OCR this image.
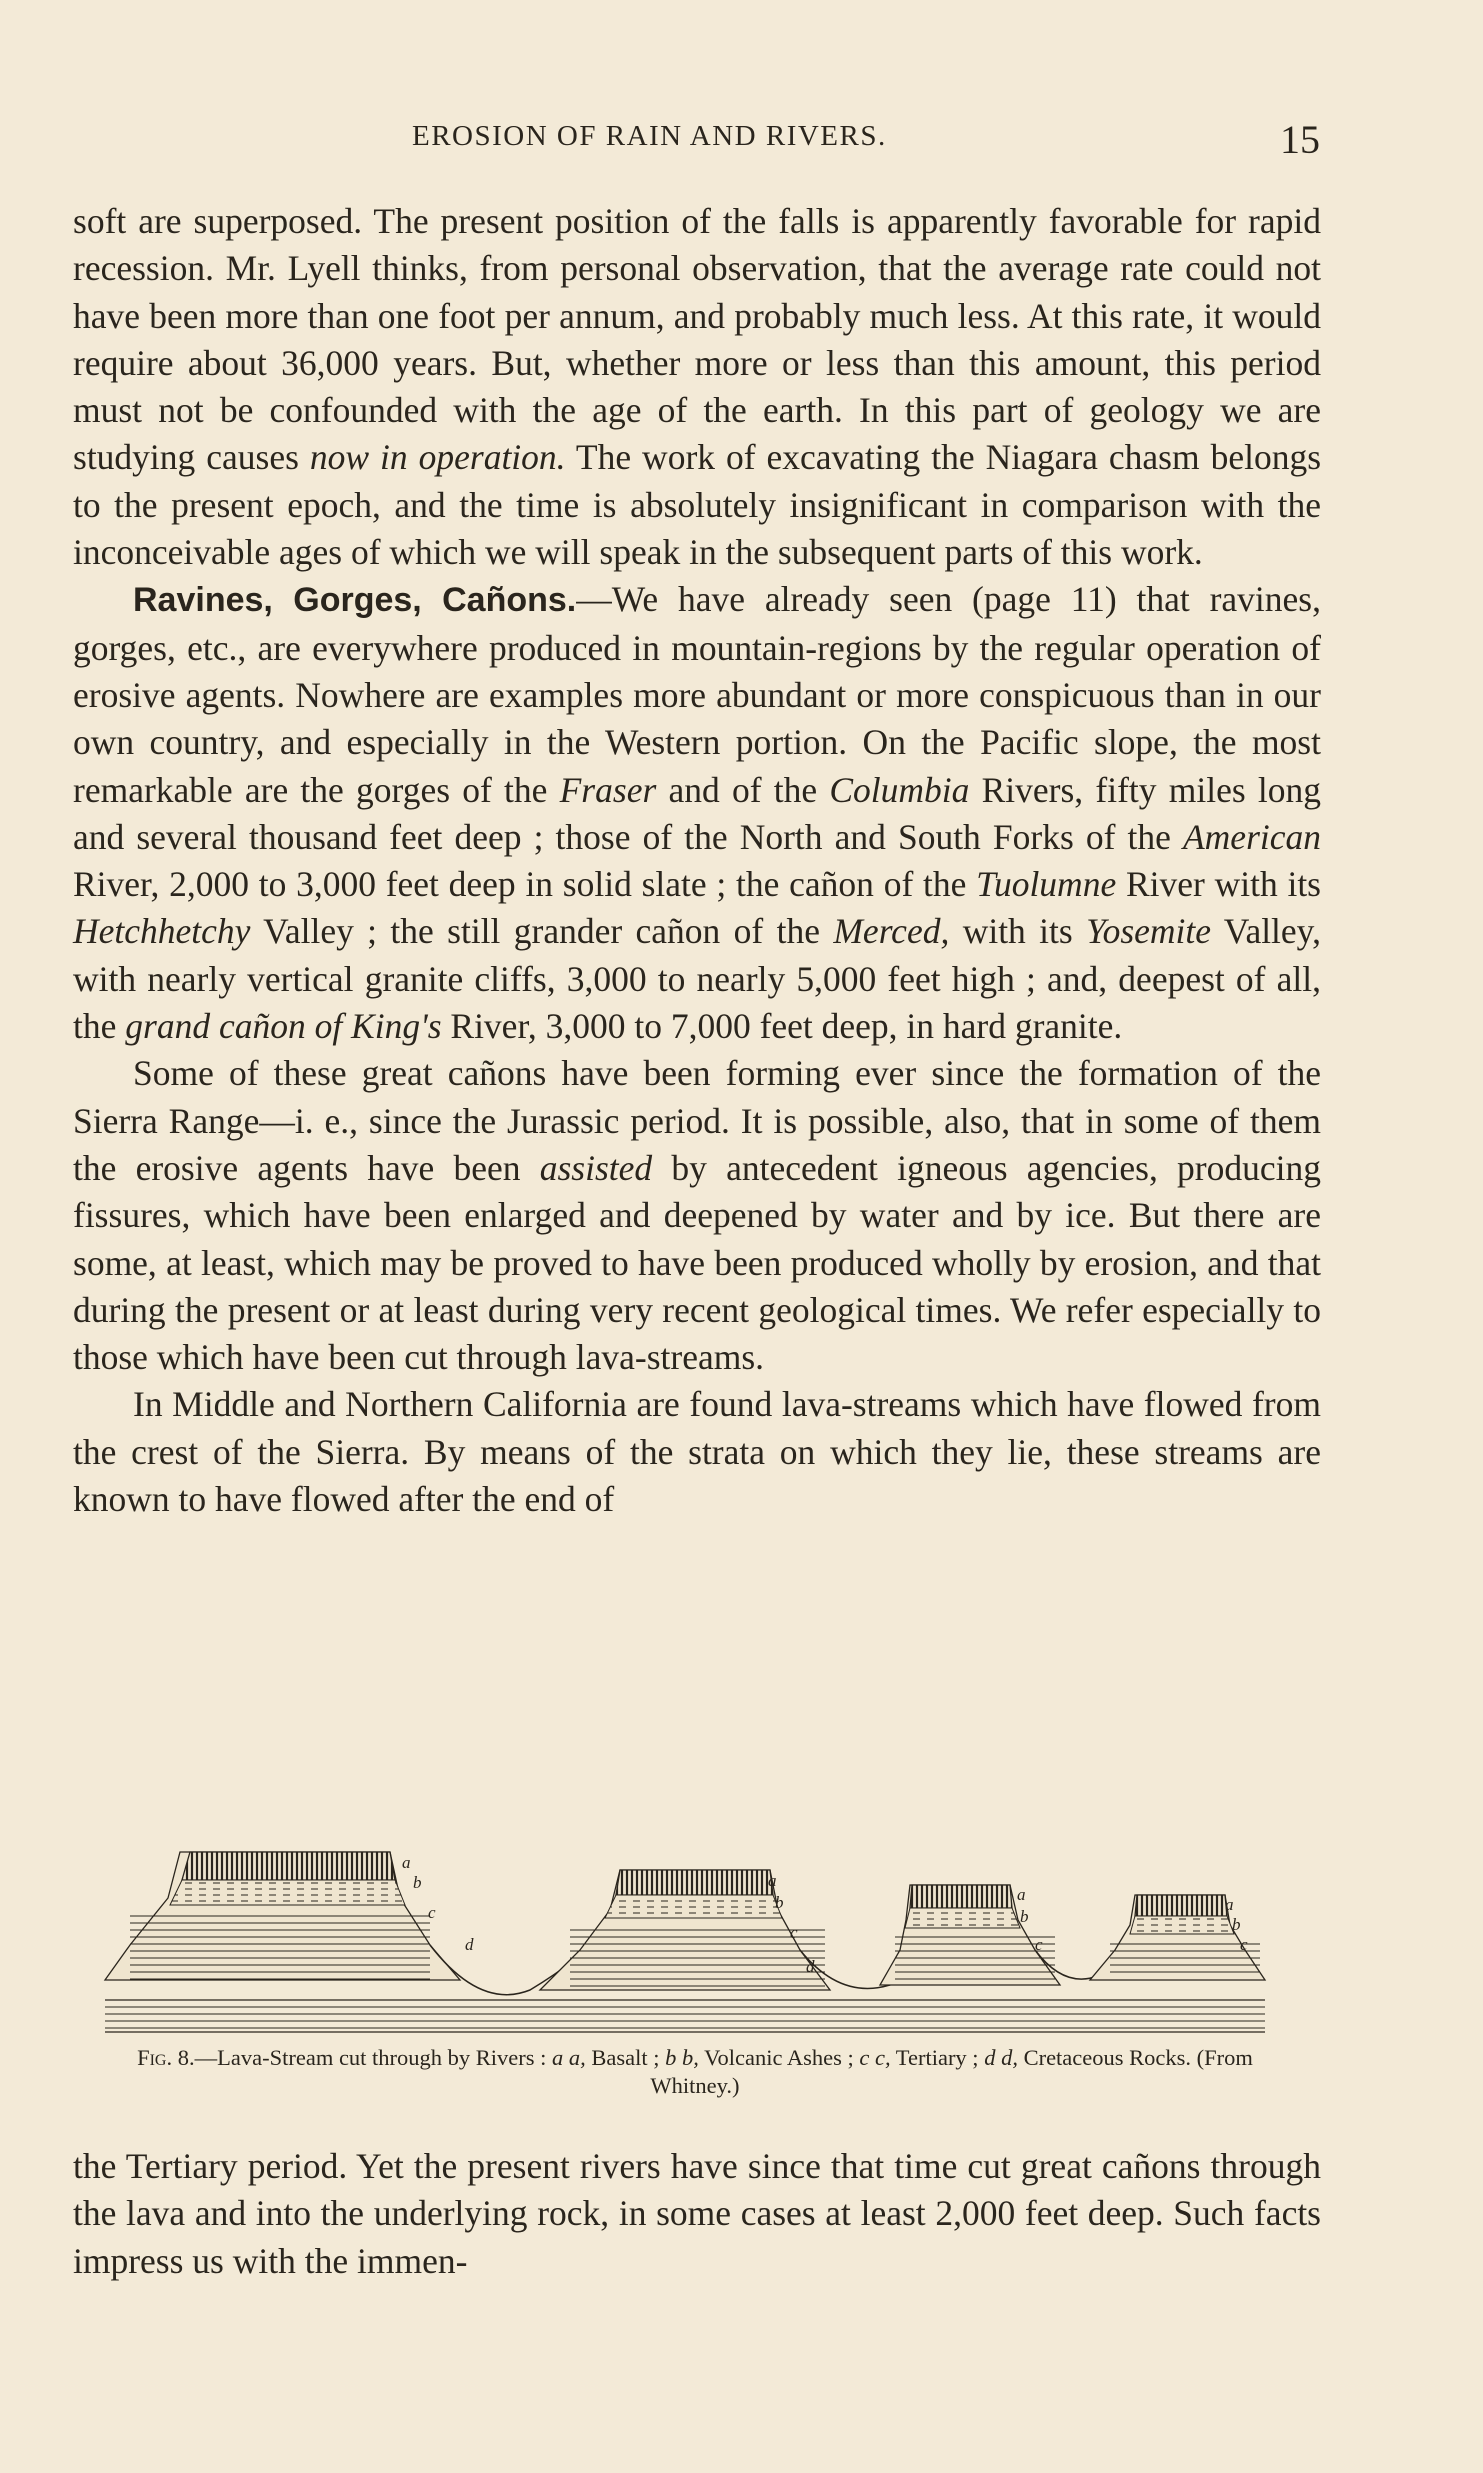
EROSION OF RAIN AND RIVERS.	15

soft are superposed. The present position of the falls is apparently favorable for rapid recession. Mr. Lyell thinks, from personal observation, that the average rate could not have been more than one foot per annum, and probably much less. At this rate, it would require about 36,000 years. But, whether more or less than this amount, this period must not be confounded with the age of the earth. In this part of geology we are studying causes now in operation. The work of excavating the Niagara chasm belongs to the present epoch, and the time is absolutely insignificant in comparison with the inconceivable ages of which we will speak in the subsequent parts of this work.

Ravines, Gorges, Cañons.—We have already seen (page 11) that ravines, gorges, etc., are everywhere produced in mountain-regions by the regular operation of erosive agents. Nowhere are examples more abundant or more conspicuous than in our own country, and especially in the Western portion. On the Pacific slope, the most remarkable are the gorges of the Fraser and of the Columbia Rivers, fifty miles long and several thousand feet deep ; those of the North and South Forks of the American River, 2,000 to 3,000 feet deep in solid slate ; the cañon of the Tuolumne River with its Hetchhetchy Valley ; the still grander cañon of the Merced, with its Yosemite Valley, with nearly vertical granite cliffs, 3,000 to nearly 5,000 feet high ; and, deepest of all, the grand cañon of King's River, 3,000 to 7,000 feet deep, in hard granite.

Some of these great cañons have been forming ever since the formation of the Sierra Range—i. e., since the Jurassic period. It is possible, also, that in some of them the erosive agents have been assisted by antecedent igneous agencies, producing fissures, which have been enlarged and deepened by water and by ice. But there are some, at least, which may be proved to have been produced wholly by erosion, and that during the present or at least during very recent geological times. We refer especially to those which have been cut through lava-streams.

In Middle and Northern California are found lava-streams which have flowed from the crest of the Sierra. By means of the strata on which they lie, these streams are known to have flowed after the end of

a
b
c
d
a
b
c
d
a
b
c
a
b
c
Fig. 8.—Lava-Stream cut through by Rivers : a a, Basalt ; b b, Volcanic Ashes ; c c, Tertiary ; d d, Cretaceous Rocks. (From Whitney.)

the Tertiary period. Yet the present rivers have since that time cut great cañons through the lava and into the underlying rock, in some cases at least 2,000 feet deep. Such facts impress us with the immen-
